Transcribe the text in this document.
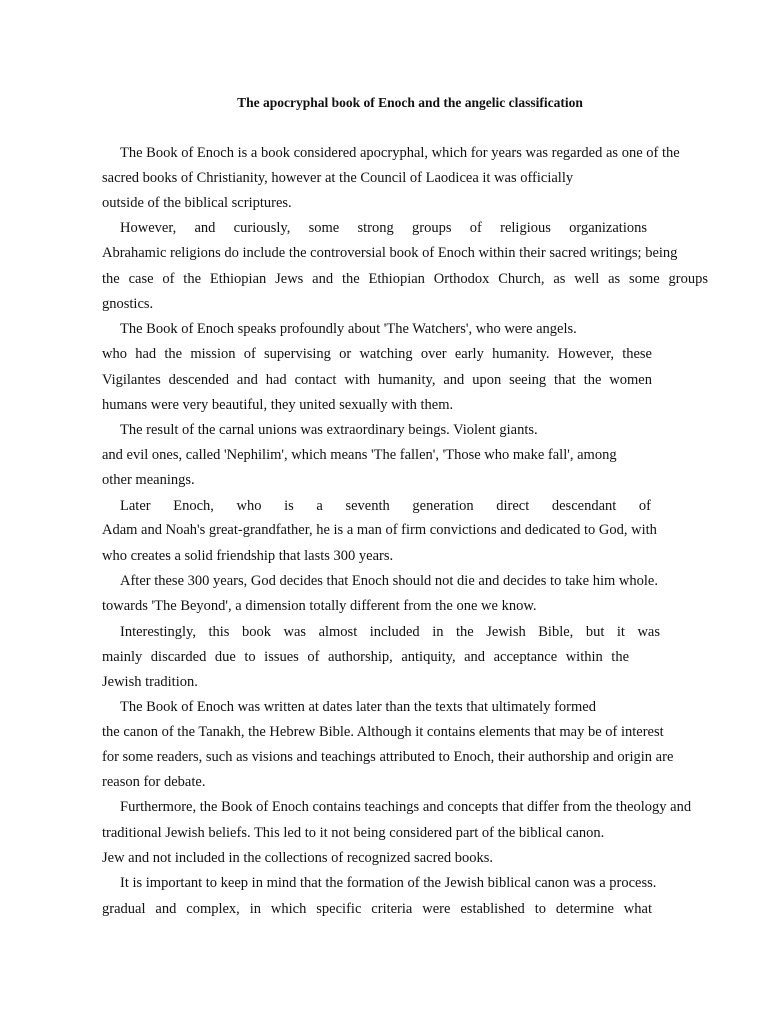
The apocryphal book of Enoch and the angelic classification

The Book of Enoch is a book considered apocryphal, which for years was regarded as one of the

sacred books of Christianity, however at the Council of Laodicea it was officially

outside of the biblical scriptures.

However, and curiously, some strong groups of religious organizations

Abrahamic religions do include the controversial book of Enoch within their sacred writings; being

the case of the Ethiopian Jews and the Ethiopian Orthodox Church, as well as some groups

gnostics.

The Book of Enoch speaks profoundly about 'The Watchers', who were angels.

who had the mission of supervising or watching over early humanity. However, these

Vigilantes descended and had contact with humanity, and upon seeing that the women

humans were very beautiful, they united sexually with them.

The result of the carnal unions was extraordinary beings. Violent giants.

and evil ones, called 'Nephilim', which means 'The fallen', 'Those who make fall', among

other meanings.

Later Enoch, who is a seventh generation direct descendant of

Adam and Noah's great-grandfather, he is a man of firm convictions and dedicated to God, with

who creates a solid friendship that lasts 300 years.

After these 300 years, God decides that Enoch should not die and decides to take him whole.

towards 'The Beyond', a dimension totally different from the one we know.

Interestingly, this book was almost included in the Jewish Bible, but it was

mainly discarded due to issues of authorship, antiquity, and acceptance within the

Jewish tradition.

The Book of Enoch was written at dates later than the texts that ultimately formed

the canon of the Tanakh, the Hebrew Bible. Although it contains elements that may be of interest

for some readers, such as visions and teachings attributed to Enoch, their authorship and origin are

reason for debate.

Furthermore, the Book of Enoch contains teachings and concepts that differ from the theology and

traditional Jewish beliefs. This led to it not being considered part of the biblical canon.

Jew and not included in the collections of recognized sacred books.

It is important to keep in mind that the formation of the Jewish biblical canon was a process.

gradual and complex, in which specific criteria were established to determine what
